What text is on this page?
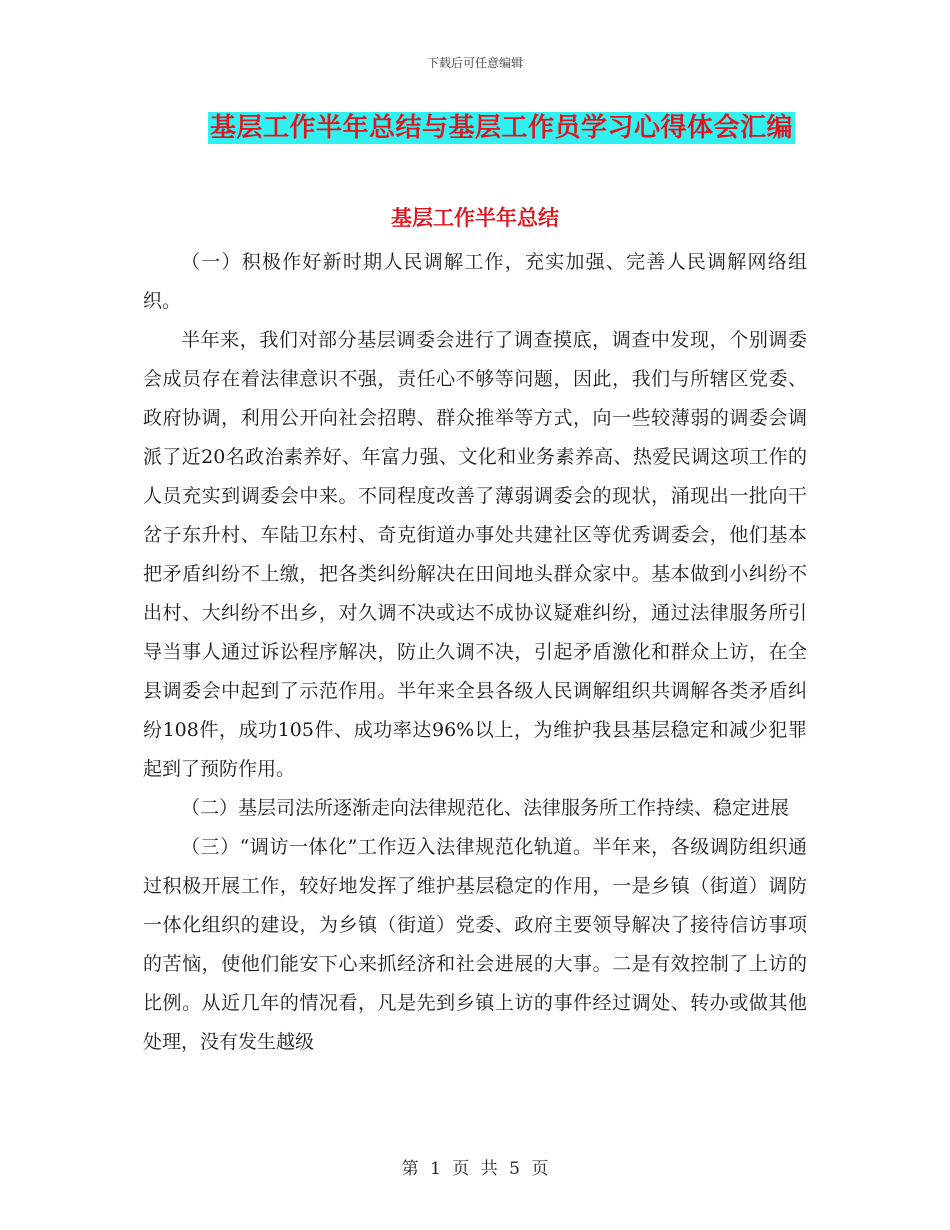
下载后可任意编辑
基层工作半年总结与基层工作员学习心得体会汇编
基层工作半年总结

（一）积极作好新时期人民调解工作，充实加强、完善人民调解网络组织。

半年来，我们对部分基层调委会进行了调查摸底，调查中发现，个别调委会成员存在着法律意识不强，责任心不够等问题，因此，我们与所辖区党委、政府协调，利用公开向社会招聘、群众推举等方式，向一些较薄弱的调委会调派了近20名政治素养好、年富力强、文化和业务素养高、热爱民调这项工作的人员充实到调委会中来。不同程度改善了薄弱调委会的现状，涌现出一批向干岔子东升村、车陆卫东村、奇克街道办事处共建社区等优秀调委会，他们基本把矛盾纠纷不上缴，把各类纠纷解决在田间地头群众家中。基本做到小纠纷不出村、大纠纷不出乡，对久调不决或达不成协议疑难纠纷，通过法律服务所引导当事人通过诉讼程序解决，防止久调不决，引起矛盾激化和群众上访，在全县调委会中起到了示范作用。半年来全县各级人民调解组织共调解各类矛盾纠纷108件，成功105件、成功率达96%以上，为维护我县基层稳定和减少犯罪起到了预防作用。

（二）基层司法所逐渐走向法律规范化、法律服务所工作持续、稳定进展

（三）“调访一体化”工作迈入法律规范化轨道。半年来，各级调防组织通过积极开展工作，较好地发挥了维护基层稳定的作用，一是乡镇（街道）调防一体化组织的建设，为乡镇（街道）党委、政府主要领导解决了接待信访事项的苦恼，使他们能安下心来抓经济和社会进展的大事。二是有效控制了上访的比例。从近几年的情况看，凡是先到乡镇上访的事件经过调处、转办或做其他处理，没有发生越级

第 1 页 共 5 页
